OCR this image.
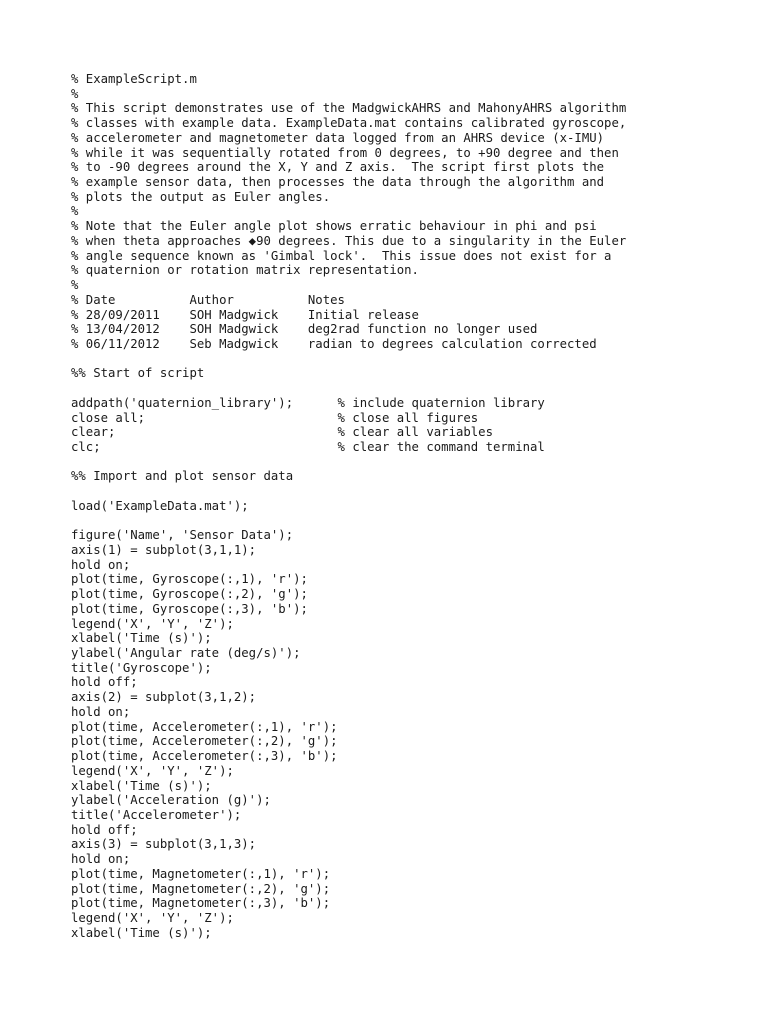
% ExampleScript.m
%
% This script demonstrates use of the MadgwickAHRS and MahonyAHRS algorithm
% classes with example data. ExampleData.mat contains calibrated gyroscope,
% accelerometer and magnetometer data logged from an AHRS device (x-IMU)
% while it was sequentially rotated from 0 degrees, to +90 degree and then
% to -90 degrees around the X, Y and Z axis.  The script first plots the
% example sensor data, then processes the data through the algorithm and
% plots the output as Euler angles.
%
% Note that the Euler angle plot shows erratic behaviour in phi and psi
% when theta approaches ◆90 degrees. This due to a singularity in the Euler
% angle sequence known as 'Gimbal lock'.  This issue does not exist for a
% quaternion or rotation matrix representation.
%
% Date          Author          Notes
% 28/09/2011    SOH Madgwick    Initial release
% 13/04/2012    SOH Madgwick    deg2rad function no longer used
% 06/11/2012    Seb Madgwick    radian to degrees calculation corrected
%% Start of script
addpath('quaternion_library');      % include quaternion library
close all;                          % close all figures
clear;                              % clear all variables
clc;                                % clear the command terminal
%% Import and plot sensor data
load('ExampleData.mat');
figure('Name', 'Sensor Data');
axis(1) = subplot(3,1,1);
hold on;
plot(time, Gyroscope(:,1), 'r');
plot(time, Gyroscope(:,2), 'g');
plot(time, Gyroscope(:,3), 'b');
legend('X', 'Y', 'Z');
xlabel('Time (s)');
ylabel('Angular rate (deg/s)');
title('Gyroscope');
hold off;
axis(2) = subplot(3,1,2);
hold on;
plot(time, Accelerometer(:,1), 'r');
plot(time, Accelerometer(:,2), 'g');
plot(time, Accelerometer(:,3), 'b');
legend('X', 'Y', 'Z');
xlabel('Time (s)');
ylabel('Acceleration (g)');
title('Accelerometer');
hold off;
axis(3) = subplot(3,1,3);
hold on;
plot(time, Magnetometer(:,1), 'r');
plot(time, Magnetometer(:,2), 'g');
plot(time, Magnetometer(:,3), 'b');
legend('X', 'Y', 'Z');
xlabel('Time (s)');
